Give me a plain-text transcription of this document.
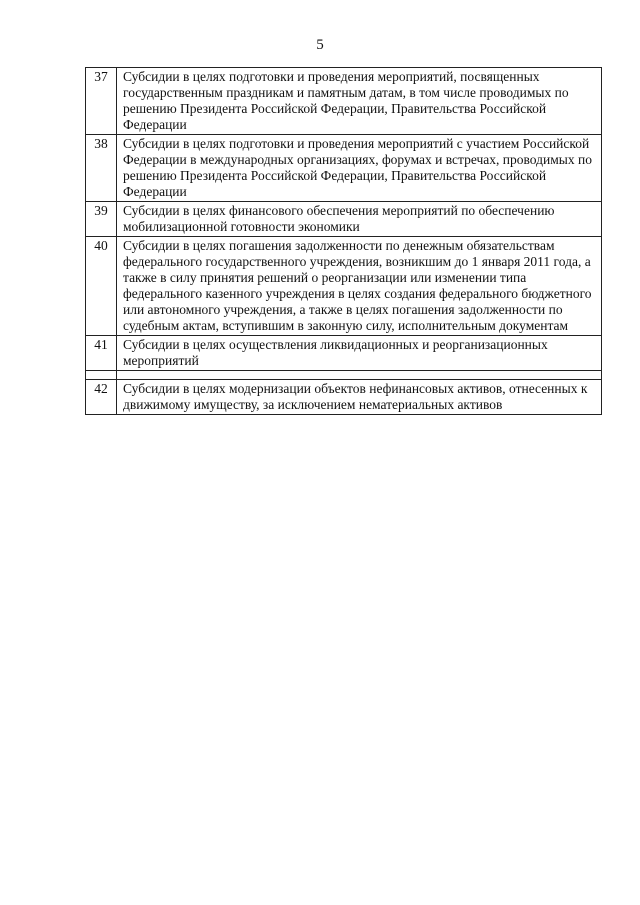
5
37	Субсидии в целях подготовки и проведения мероприятий, посвященных государственным праздникам и памятным датам, в том числе проводимых по решению Президента Российской Федерации, Правительства Российской Федерации
38	Субсидии в целях подготовки и проведения мероприятий с участием Российской Федерации в международных организациях, форумах и встречах, проводимых по решению Президента Российской Федерации, Правительства Российской Федерации
39	Субсидии в целях финансового обеспечения мероприятий по обеспечению мобилизационной готовности экономики
40	Субсидии в целях погашения задолженности по денежным обязательствам федерального государственного учреждения, возникшим до 1 января 2011 года, а также в силу принятия решений о реорганизации или изменении типа федерального казенного учреждения в целях создания федерального бюджетного или автономного учреждения, а также в целях погашения задолженности по судебным актам, вступившим в законную силу, исполнительным документам
41	Субсидии в целях осуществления ликвидационных и реорганизационных мероприятий

42	Субсидии в целях модернизации объектов нефинансовых активов, отнесенных к движимому имуществу, за исключением нематериальных активов
